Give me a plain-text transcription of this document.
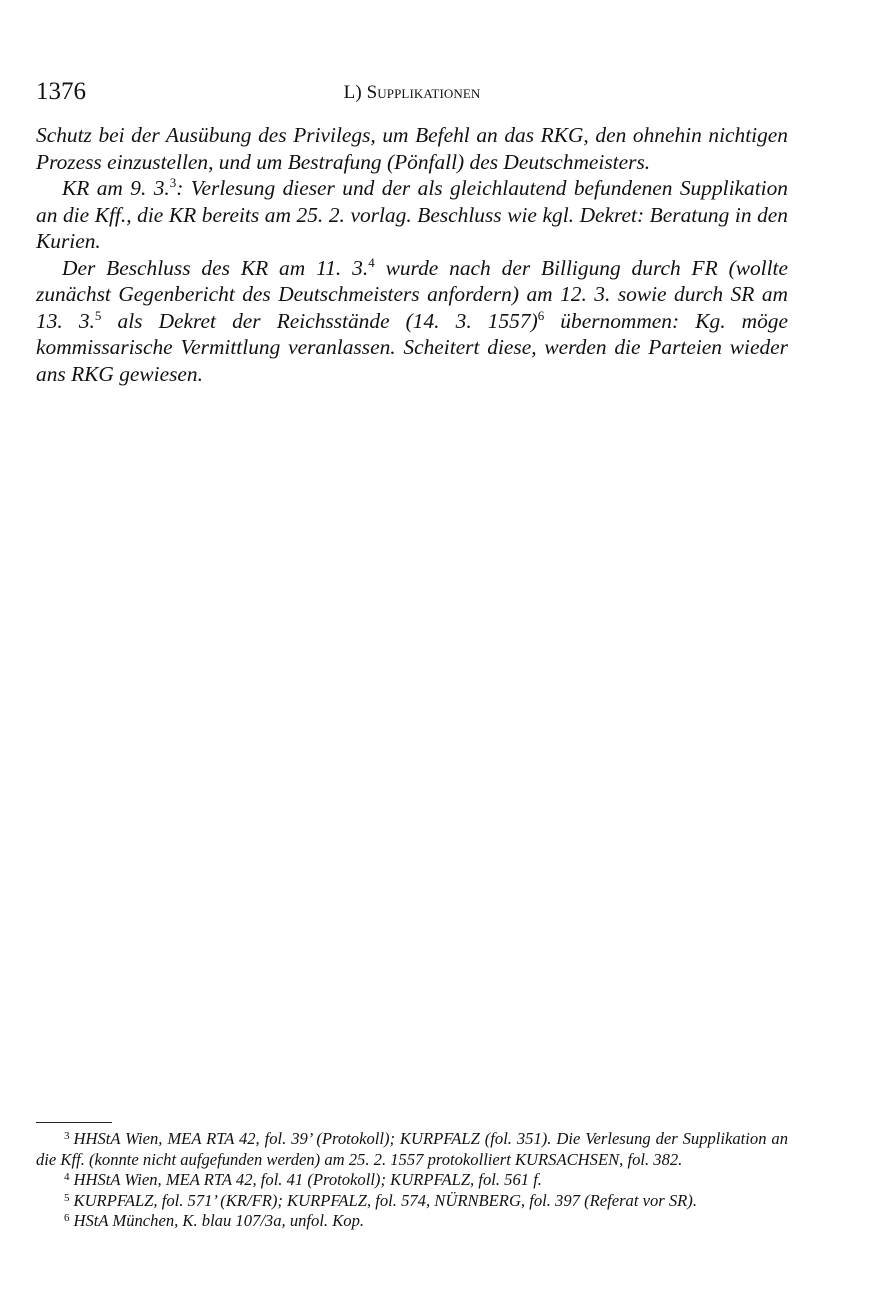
1376	L) Supplikationen

Schutz bei der Ausübung des Privilegs, um Befehl an das RKG, den ohnehin nichtigen Prozess einzustellen, und um Bestrafung (Pönfall) des Deutschmeisters.

KR am 9. 3.$^3$: Verlesung dieser und der als gleichlautend befundenen Supplikation an die Kff., die KR bereits am 25. 2. vorlag. Beschluss wie kgl. Dekret: Beratung in den Kurien.

Der Beschluss des KR am 11. 3.$^4$ wurde nach der Billigung durch FR (wollte zunächst Gegenbericht des Deutschmeisters anfordern) am 12. 3. sowie durch SR am 13. 3.$^5$ als Dekret der Reichsstände (14. 3. 1557)$^6$ übernommen: Kg. möge kommissarische Vermittlung veranlassen. Scheitert diese, werden die Parteien wieder ans RKG gewiesen.

$^3$ HHStA Wien, MEA RTA 42, fol. 39’ (Protokoll); KURPFALZ (fol. 351). Die Verlesung der Supplikation an die Kff. (konnte nicht aufgefunden werden) am 25. 2. 1557 protokolliert KURSACHSEN, fol. 382.

$^4$ HHStA Wien, MEA RTA 42, fol. 41 (Protokoll); KURPFALZ, fol. 561 f.

$^5$ KURPFALZ, fol. 571’ (KR/FR); KURPFALZ, fol. 574, NÜRNBERG, fol. 397 (Referat vor SR).

$^6$ HStA München, K. blau 107/3a, unfol. Kop.
